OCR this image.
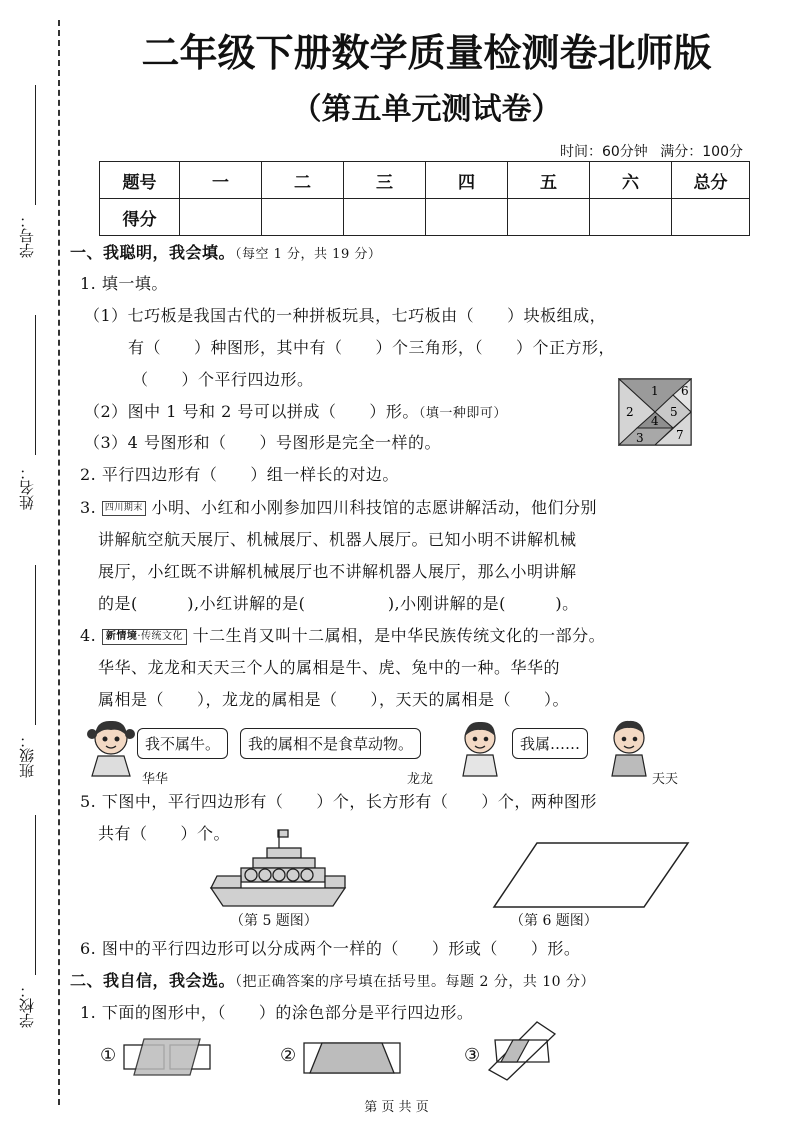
学号：
姓名：
班级：
学校：
二年级下册数学质量检测卷北师版
（第五单元测试卷）
时间：60分钟 满分：100分
题号	一	二	三	四	五	六	总分
得分							
一、我聪明，我会填。（每空 1 分，共 19 分）
1. 填一填。
（1）七巧板是我国古代的一种拼板玩具，七巧板由（　　）块板组成，
有（　　）种图形，其中有（　　）个三角形，（　　）个正方形，
（　　）个平行四边形。
（2）图中 1 号和 2 号可以拼成（　　）形。（填一种即可）
（3）4 号图形和（　　）号图形是完全一样的。
1
2
3
4
5
6
7
2. 平行四边形有（　　）组一样长的对边。
3. 四川期末 小明、小红和小刚参加四川科技馆的志愿讲解活动，他们分别
讲解航空航天展厅、机械展厅、机器人展厅。已知小明不讲解机械
展厅，小红既不讲解机械展厅也不讲解机器人展厅，那么小明讲解
的是(　　　),小红讲解的是(　　　　　),小刚讲解的是(　　　)。
4. 新情境·传统文化 十二生肖又叫十二属相，是中华民族传统文化的一部分。
华华、龙龙和天天三个人的属相是牛、虎、兔中的一种。华华的
属相是（　　），龙龙的属相是（　　），天天的属相是（　　）。
我不属牛。	我的属相不是食草动物。	我属……
华华	龙龙	天天
5. 下图中，平行四边形有（　　）个，长方形有（　　）个，两种图形
共有（　　）个。
（第 5 题图）	（第 6 题图）
6. 图中的平行四边形可以分成两个一样的（　　）形或（　　）形。
二、我自信，我会选。（把正确答案的序号填在括号里。每题 2 分，共 10 分）
1. 下面的图形中，（　　）的涂色部分是平行四边形。
①	②	③
第 页 共 页
